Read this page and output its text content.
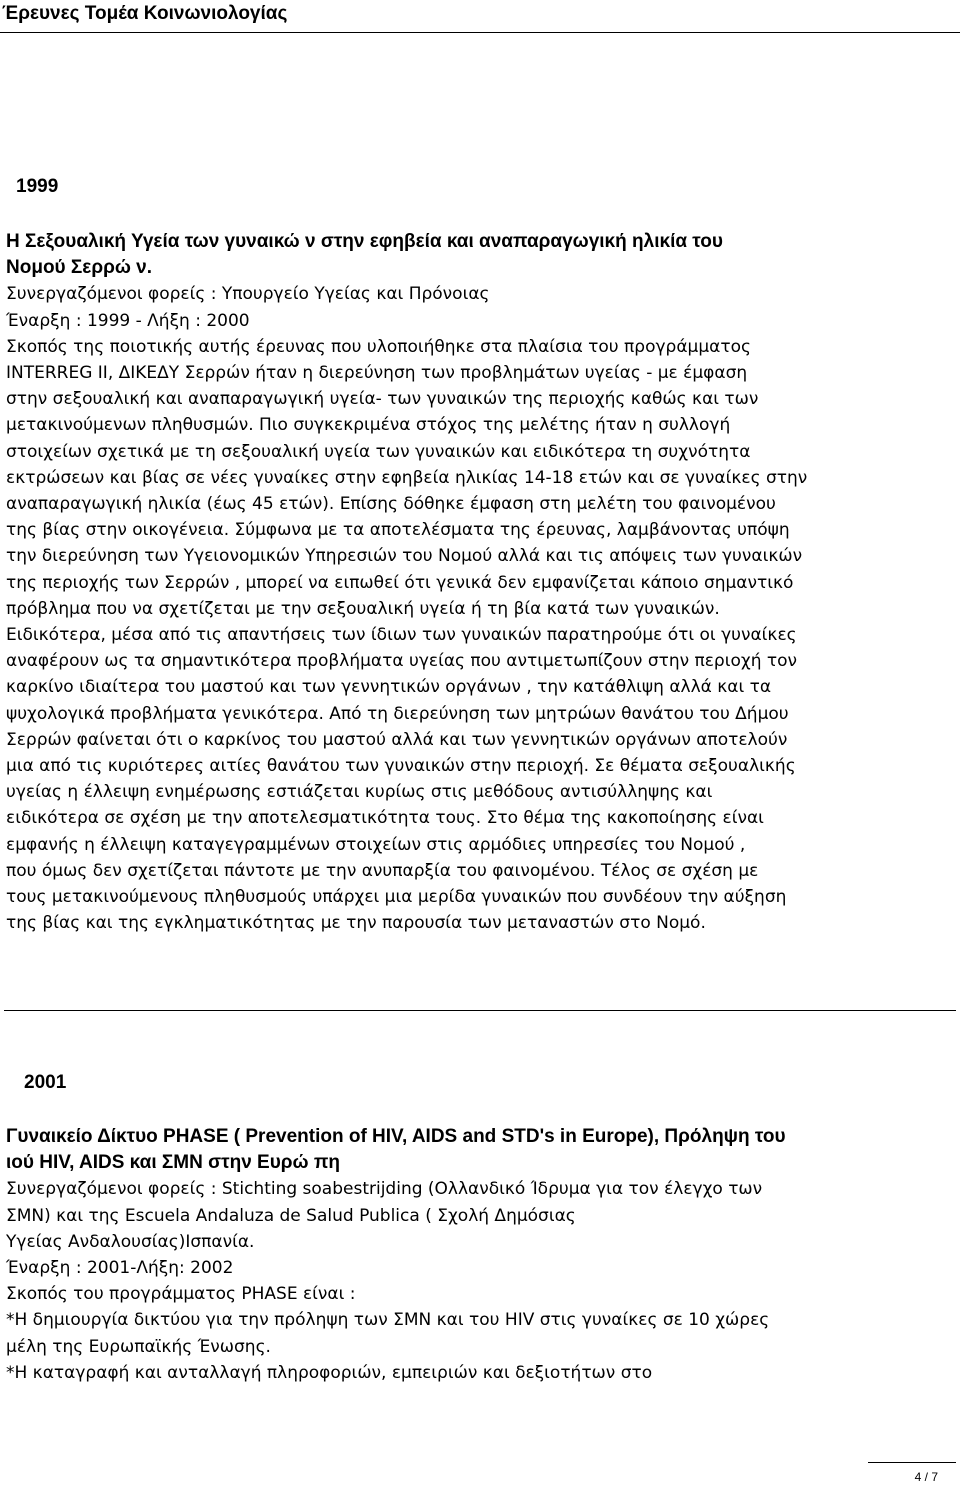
Έρευνες Τομέα Κοινωνιολογίας
1999
Η Σεξουαλική Υγεία των γυναικώ ν στην εφηβεία και αναπαραγωγική ηλικία του
Νομού Σερρώ ν.
Συνεργαζόμενοι φορείς : Υπουργείο Υγείας και Πρόνοιας
Έναρξη : 1999 - Λήξη : 2000
Σκοπός της ποιοτικής αυτής έρευνας που υλοποιήθηκε στα πλαίσια του προγράμματος
INTERREG II, ΔΙΚΕΔΥ Σερρών ήταν η διερεύνηση των προβλημάτων υγείας - με έμφαση
στην σεξουαλική και αναπαραγωγική υγεία- των γυναικών της περιοχής καθώς και των
μετακινούμενων πληθυσμών. Πιο συγκεκριμένα στόχος της μελέτης ήταν η συλλογή
στοιχείων σχετικά με τη σεξουαλική υγεία των γυναικών και ειδικότερα τη συχνότητα
εκτρώσεων και βίας σε νέες γυναίκες στην εφηβεία ηλικίας 14-18 ετών και σε γυναίκες στην
αναπαραγωγική ηλικία (έως 45 ετών). Επίσης δόθηκε έμφαση στη μελέτη του φαινομένου
της βίας στην οικογένεια. Σύμφωνα με τα αποτελέσματα της έρευνας, λαμβάνοντας υπόψη
την διερεύνηση των Υγειονομικών Υπηρεσιών του Νομού αλλά και τις απόψεις των γυναικών
της περιοχής των Σερρών , μπορεί να ειπωθεί ότι γενικά δεν εμφανίζεται κάποιο σημαντικό
πρόβλημα που να σχετίζεται με την σεξουαλική υγεία ή τη βία κατά των γυναικών.
Ειδικότερα, μέσα από τις απαντήσεις των ίδιων των γυναικών παρατηρούμε ότι οι γυναίκες
αναφέρουν ως τα σημαντικότερα προβλήματα υγείας που αντιμετωπίζουν στην περιοχή τον
καρκίνο ιδιαίτερα του μαστού και των γεννητικών οργάνων , την κατάθλιψη αλλά και τα
ψυχολογικά προβλήματα γενικότερα. Από τη διερεύνηση των μητρώων θανάτου του Δήμου
Σερρών φαίνεται ότι ο καρκίνος του μαστού αλλά και των γεννητικών οργάνων αποτελούν
μια από τις κυριότερες αιτίες θανάτου των γυναικών στην περιοχή. Σε θέματα σεξουαλικής
υγείας η έλλειψη ενημέρωσης εστιάζεται κυρίως στις μεθόδους αντισύλληψης και
ειδικότερα σε σχέση με την αποτελεσματικότητα τους. Στο θέμα της κακοποίησης είναι
εμφανής η έλλειψη καταγεγραμμένων στοιχείων στις αρμόδιες υπηρεσίες του Νομού ,
που όμως δεν σχετίζεται πάντοτε με την ανυπαρξία του φαινομένου. Τέλος σε σχέση με
τους μετακινούμενους πληθυσμούς υπάρχει μια μερίδα γυναικών που συνδέουν την αύξηση
της βίας και της εγκληματικότητας με την παρουσία των μεταναστών στο Νομό.
2001
Γυναικείο Δίκτυο PHASE ( Prevention of HIV, AIDS and STD's in Europe), Πρόληψη του
ιού HIV, AIDS και ΣΜΝ στην Ευρώ πη
Συνεργαζόμενοι φορείς : Stichting soabestrijding (Ολλανδικό Ίδρυμα για τον έλεγχο των
ΣΜΝ) και της Escuela Andaluza de Salud Publica ( Σχολή Δημόσιας
Υγείας Ανδαλουσίας)Ισπανία.
Έναρξη : 2001-Λήξη: 2002
Σκοπός του προγράμματος PHASE είναι :
*Η δημιουργία δικτύου για την πρόληψη των ΣΜΝ και του HIV στις γυναίκες σε 10 χώρες
μέλη της Ευρωπαϊκής Ένωσης.
*Η καταγραφή και ανταλλαγή πληροφοριών, εμπειριών και δεξιοτήτων στο
4 / 7
